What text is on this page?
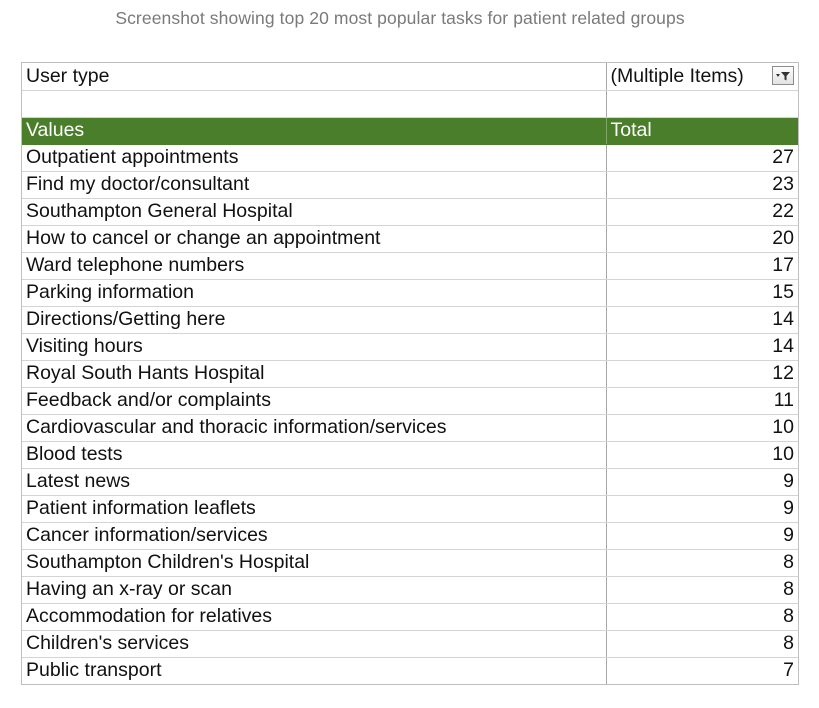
Screenshot showing top 20 most popular tasks for patient related groups
User type	(Multiple Items)

Values	Total
Outpatient appointments	27
Find my doctor/consultant	23
Southampton General Hospital	22
How to cancel or change an appointment	20
Ward telephone numbers	17
Parking information	15
Directions/Getting here	14
Visiting hours	14
Royal South Hants Hospital	12
Feedback and/or complaints	11
Cardiovascular and thoracic information/services	10
Blood tests	10
Latest news	9
Patient information leaflets	9
Cancer information/services	9
Southampton Children's Hospital	8
Having an x-ray or scan	8
Accommodation for relatives	8
Children's services	8
Public transport	7
